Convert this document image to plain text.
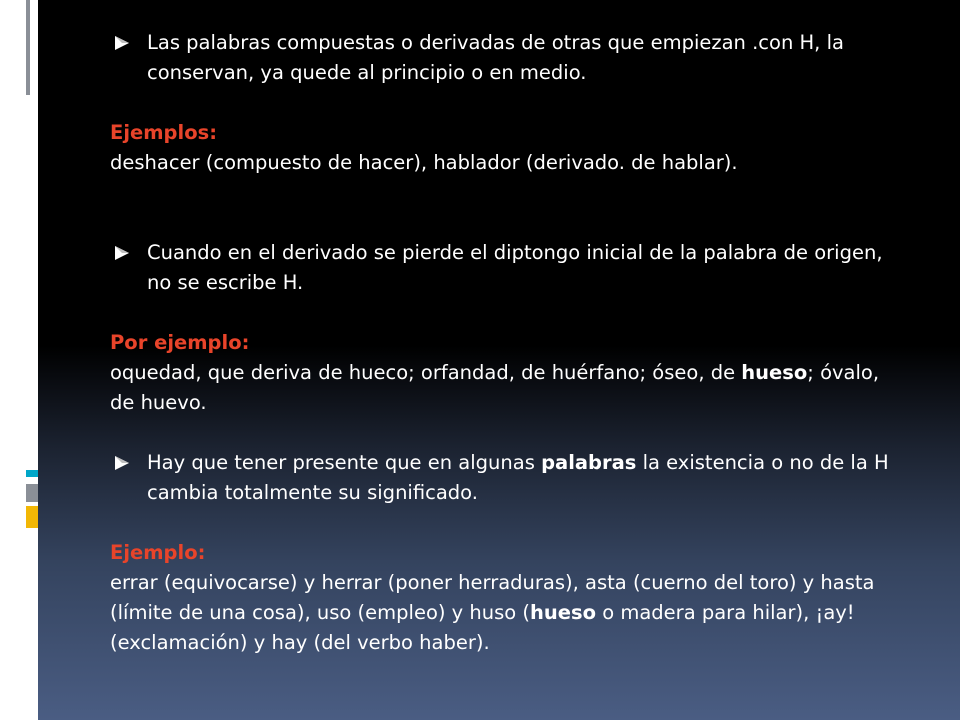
Las palabras compuestas o derivadas de otras que empiezan .con H, la conservan, ya quede al principio o en medio.

Ejemplos:

deshacer (compuesto de hacer), hablador (derivado. de hablar).

Cuando en el derivado se pierde el diptongo inicial de la palabra de origen, no se escribe H.

Por ejemplo:

oquedad, que deriva de hueco; orfandad, de huérfano; óseo, de hueso; óvalo, de huevo.

Hay que tener presente que en algunas palabras la existencia o no de la H cambia totalmente su significado.

Ejemplo:

errar (equivocarse) y herrar (poner herraduras), asta (cuerno del toro) y hasta (límite de una cosa), uso (empleo) y huso (hueso o madera para hilar), ¡ay! (exclamación) y hay (del verbo haber).
